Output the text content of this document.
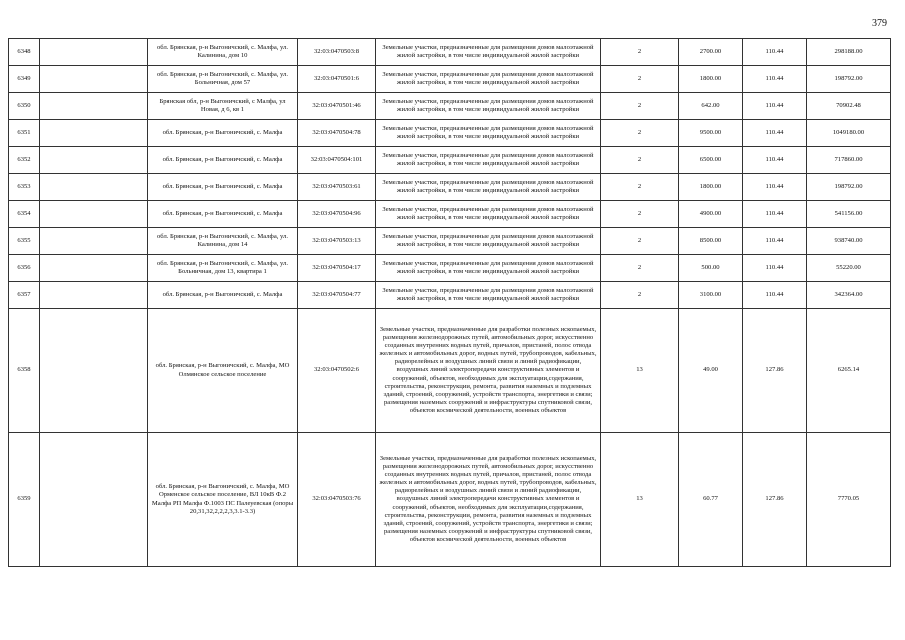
379
6348		обл. Брянская, р-н Выгоничский, с. Малфа, ул. Калинина, дом 10	32:03:0470503:8	Земельные участки, предназначенные для размещения домов малоэтажной жилой застройки, в том числе индивидуальной жилой застройки	2	2700.00	110.44	298188.00
6349		обл. Брянская, р-н Выгоничский, с. Малфа, ул. Больничная, дом 57	32:03:0470501:6	Земельные участки, предназначенные для размещения домов малоэтажной жилой застройки, в том числе индивидуальной жилой застройки	2	1800.00	110.44	198792.00
6350		Брянская обл, р-н Выгоничский, с Малфа, ул Новая, д 6, кв 1	32:03:0470501:46	Земельные участки, предназначенные для размещения домов малоэтажной жилой застройки, в том числе индивидуальной жилой застройки	2	642.00	110.44	70902.48
6351		обл. Брянская, р-н Выгоничский, с. Малфа	32:03:0470504:78	Земельные участки, предназначенные для размещения домов малоэтажной жилой застройки, в том числе индивидуальной жилой застройки	2	9500.00	110.44	1049180.00
6352		обл. Брянская, р-н Выгоничский, с. Малфа	32:03:0470504:101	Земельные участки, предназначенные для размещения домов малоэтажной жилой застройки, в том числе индивидуальной жилой застройки	2	6500.00	110.44	717860.00
6353		обл. Брянская, р-н Выгоничский, с. Малфа	32:03:0470503:61	Земельные участки, предназначенные для размещения домов малоэтажной жилой застройки, в том числе индивидуальной жилой застройки	2	1800.00	110.44	198792.00
6354		обл. Брянская, р-н Выгоничский, с. Малфа	32:03:0470504:96	Земельные участки, предназначенные для размещения домов малоэтажной жилой застройки, в том числе индивидуальной жилой застройки	2	4900.00	110.44	541156.00
6355		обл. Брянская, р-н Выгоничский, с. Малфа, ул. Калинина, дом 14	32:03:0470503:13	Земельные участки, предназначенные для размещения домов малоэтажной жилой застройки, в том числе индивидуальной жилой застройки	2	8500.00	110.44	938740.00
6356		обл. Брянская, р-н Выгоничский, с. Малфа, ул. Больничная, дом 13, квартира 1	32:03:0470504:17	Земельные участки, предназначенные для размещения домов малоэтажной жилой застройки, в том числе индивидуальной жилой застройки	2	500.00	110.44	55220.00
6357		обл. Брянская, р-н Выгоничский, с. Малфа	32:03:0470504:77	Земельные участки, предназначенные для размещения домов малоэтажной жилой застройки, в том числе индивидуальной жилой застройки	2	3100.00	110.44	342364.00
6358		обл. Брянская, р-н Выгоничский, с. Малфа, МО Олмянское сельское поселение	32:03:0470502:6	Земельные участки, предназначенные для разработки полезных ископаемых, размещения железнодорожных путей, автомобильных дорог, искусственно созданных внутренних водных путей, причалов, пристаней, полос отвода железных и автомобильных дорог, водных путей, трубопроводов, кабельных, радиорелейных и воздушных линий связи и линий радиофикации, воздушных линий электропередачи конструктивных элементов и сооружений, объектов, необходимых для эксплуатации,содержания, строительства, реконструкции, ремонта, развития наземных и подземных зданий, строений, сооружений, устройств транспорта, энергетики и связи; размещения наземных сооружений и инфраструктуры спутниковой связи, объектов космической деятельности, военных объектов	13	49.00	127.86	6265.14
6359		обл. Брянская, р-н Выгоничский, с. Малфа, МО Орменское сельское поселение, ВЛ 10кВ Ф.2 Малфа РП Малфа Ф.1003 ПС Палеуевская (опоры 20,31,32,2,2,2,3,3.1-3.3)	32:03:0470503:76	Земельные участки, предназначенные для разработки полезных ископаемых, размещения железнодорожных путей, автомобильных дорог, искусственно созданных внутренних водных путей, причалов, пристаней, полос отвода железных и автомобильных дорог, водных путей, трубопроводов, кабельных, радиорелейных и воздушных линий связи и линий радиофикации, воздушных линий электропередачи конструктивных элементов и сооружений, объектов, необходимых для эксплуатации,содержания, строительства, реконструкции, ремонта, развития наземных и подземных зданий, строений, сооружений, устройств транспорта, энергетики и связи; размещения наземных сооружений и инфраструктуры спутниковой связи, объектов космической деятельности, военных объектов	13	60.77	127.86	7770.05
